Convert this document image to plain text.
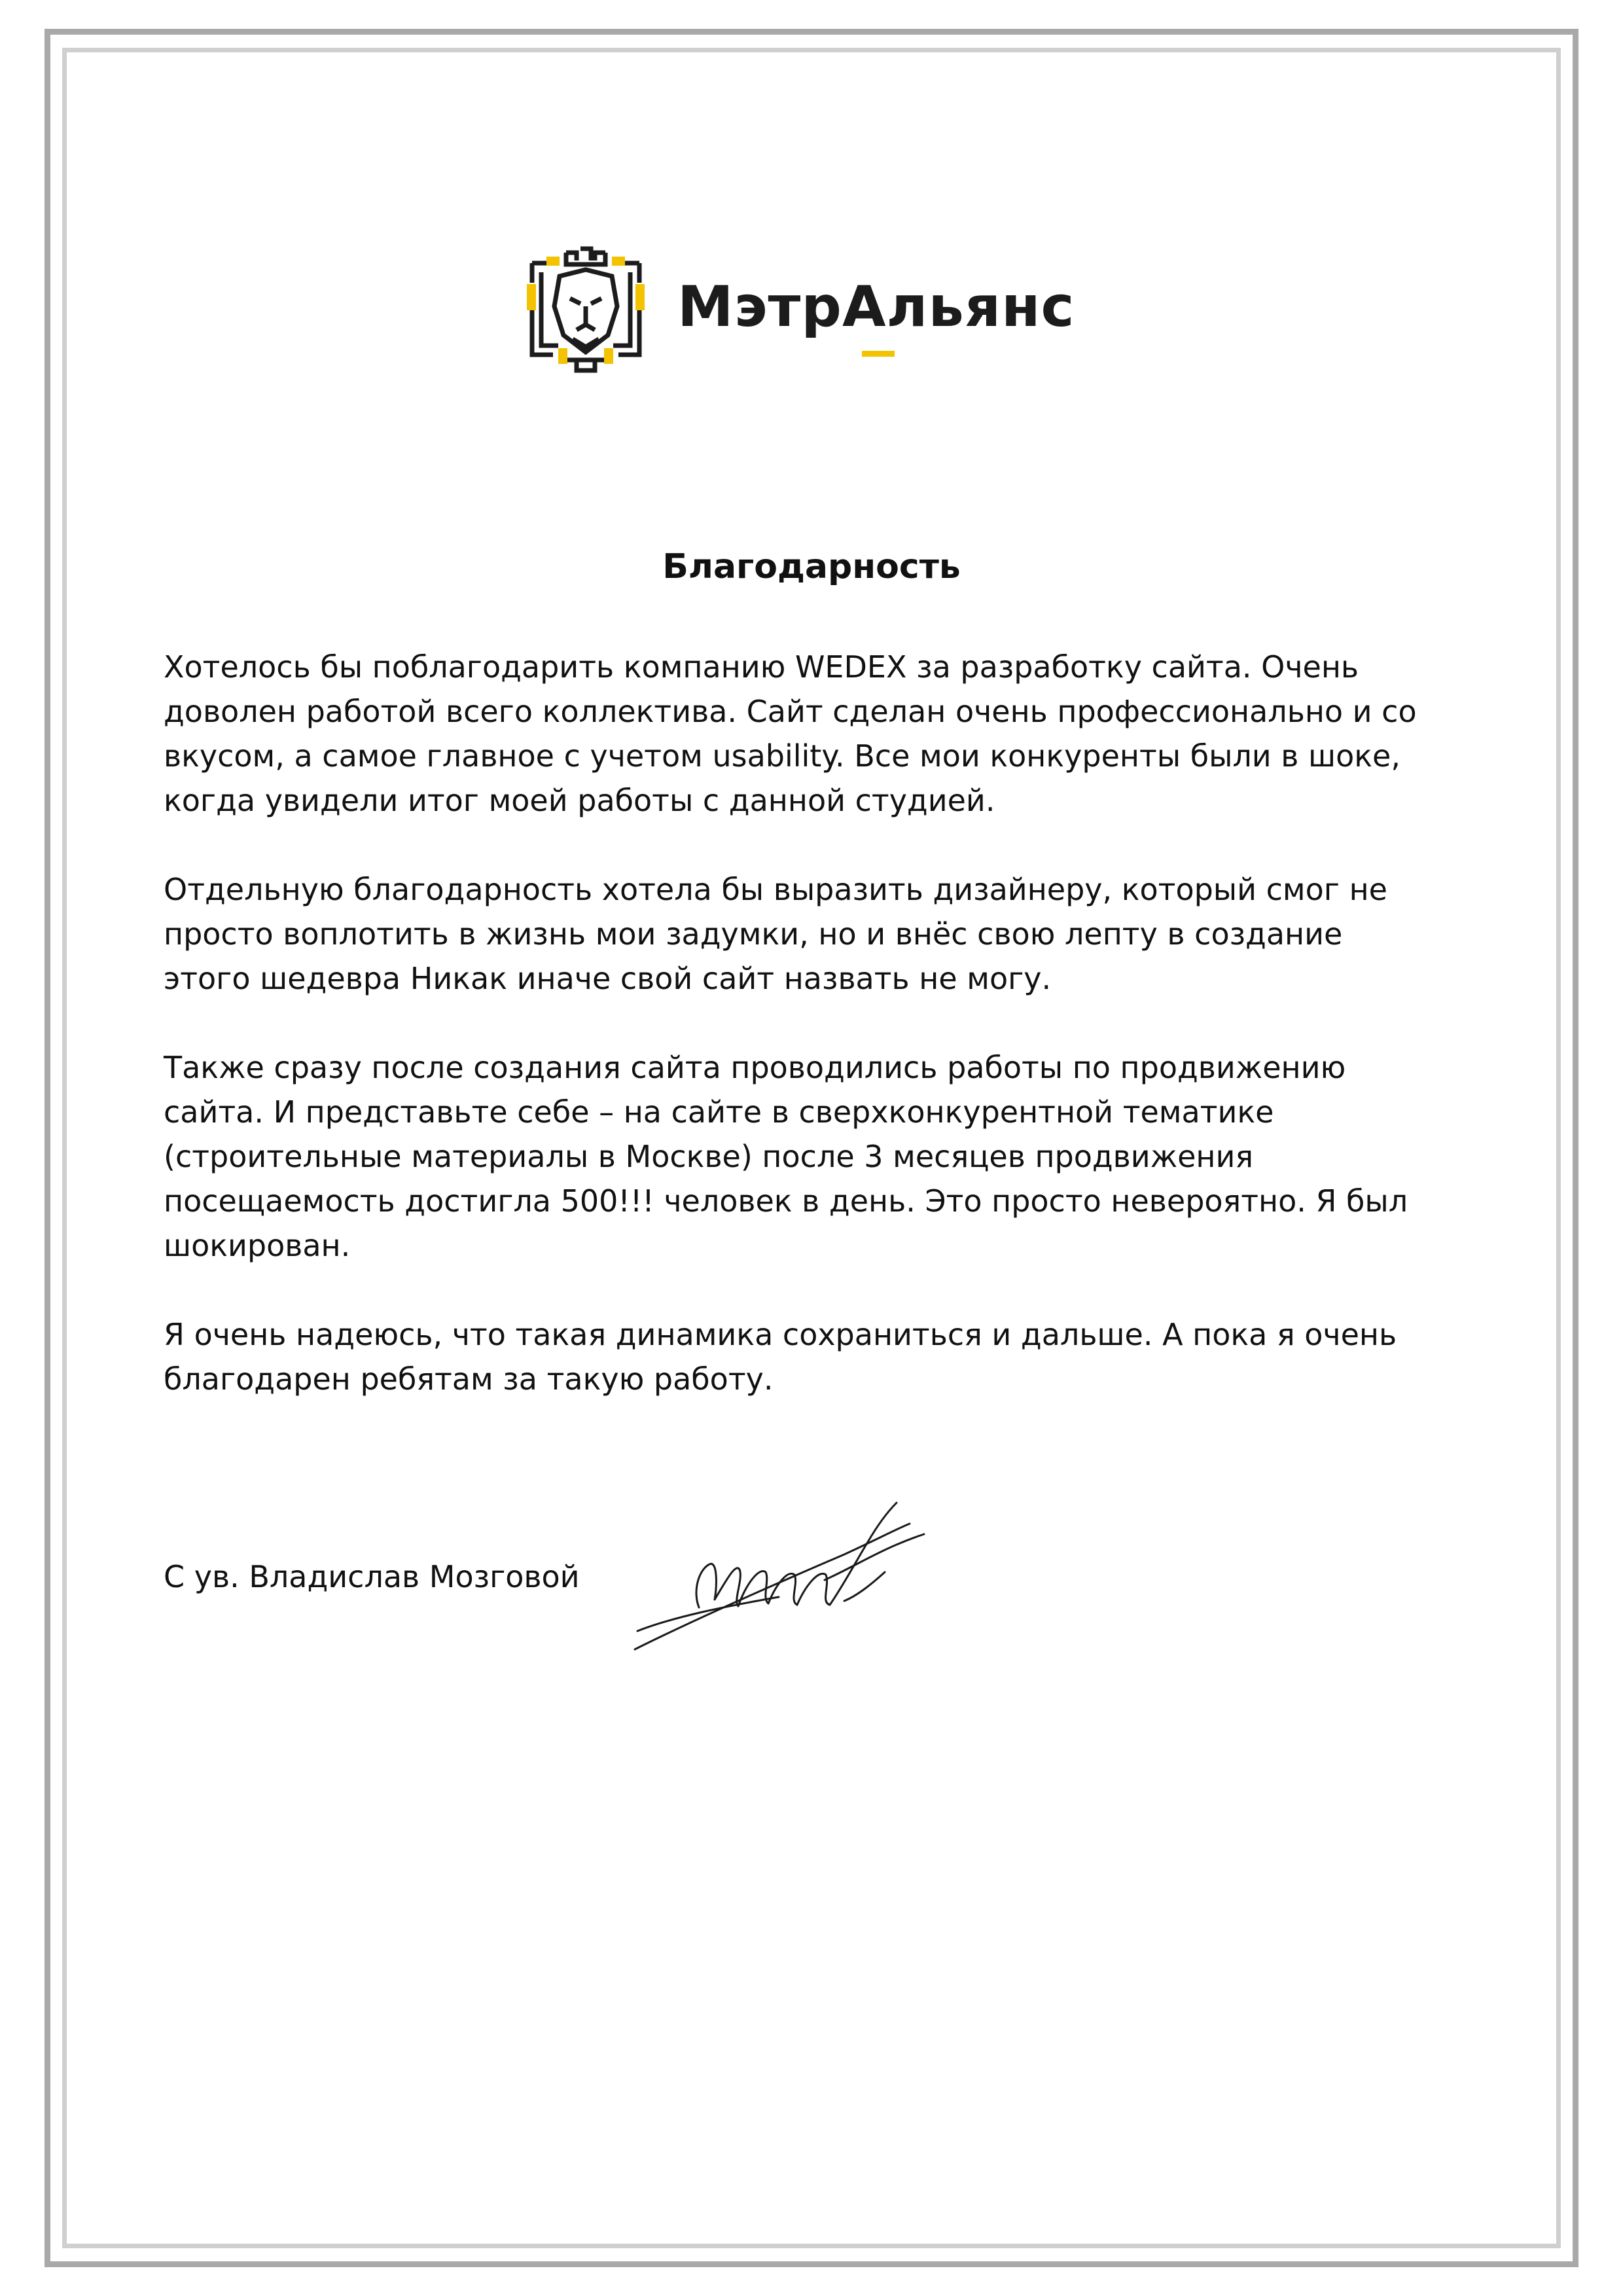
МэтрАльянс
Благодарность

Хотелось бы поблагодарить компанию WEDEX за разработку сайта. Очень
доволен работой всего коллектива. Сайт сделан очень профессионально и со
вкусом, а самое главное с учетом usability. Все мои конкуренты были в шоке,
когда увидели итог моей работы с данной студией.

Отдельную благодарность хотела бы выразить дизайнеру, который смог не
просто воплотить в жизнь мои задумки, но и внёс свою лепту в создание
этого шедевра Никак иначе свой сайт назвать не могу.

Также сразу после создания сайта проводились работы по продвижению
сайта. И представьте себе – на сайте в сверхконкурентной тематике
(строительные материалы в Москве) после 3 месяцев продвижения
посещаемость достигла 500!!! человек в день. Это просто невероятно. Я был
шокирован.

Я очень надеюсь, что такая динамика сохраниться и дальше. А пока я очень
благодарен ребятам за такую работу.

С ув. Владислав Мозговой
